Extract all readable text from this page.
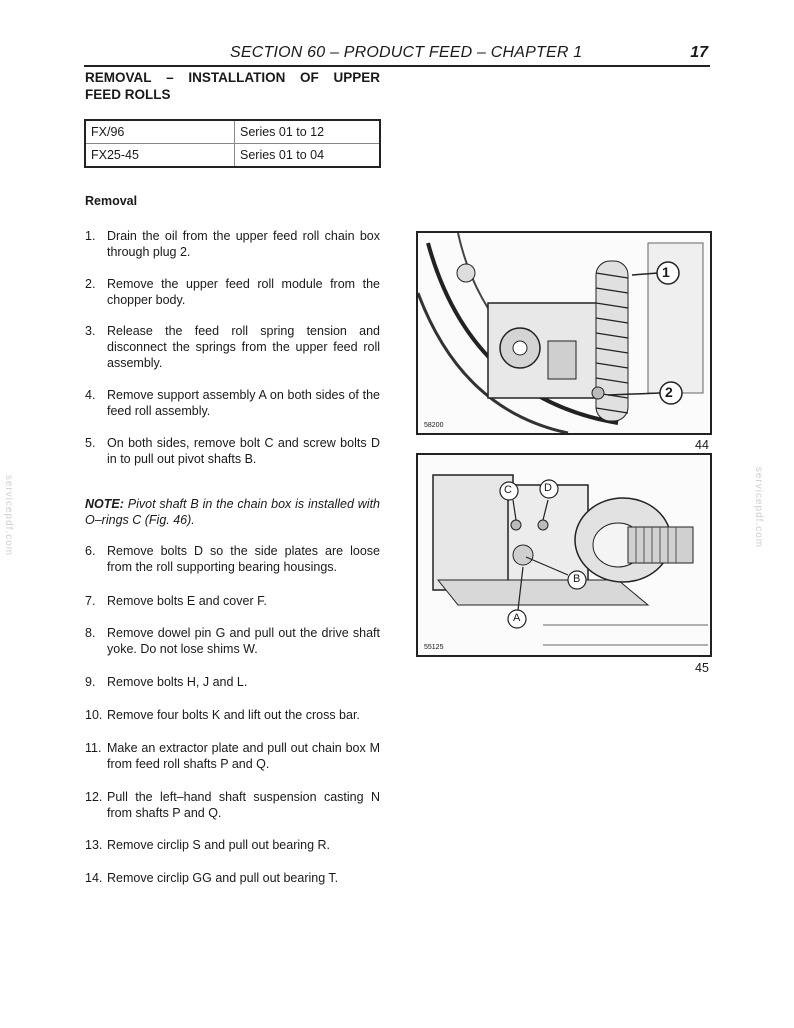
SECTION 60 – PRODUCT FEED – CHAPTER 1	17
REMOVAL – INSTALLATION OF UPPER
FEED ROLLS
FX/96	Series 01 to 12
FX25-45	Series 01 to 04
Removal
1. Drain the oil from the upper feed roll chain box through plug 2.
2. Remove the upper feed roll module from the chopper body.
3. Release the feed roll spring tension and disconnect the springs from the upper feed roll assembly.
4. Remove support assembly A on both sides of the feed roll assembly.
5. On both sides, remove bolt C and screw bolts D in to pull out pivot shafts B.
NOTE: Pivot shaft B in the chain box is installed with O–rings C (Fig. 46).
6. Remove bolts D so the side plates are loose from the roll supporting bearing housings.
7. Remove bolts E and cover F.
8. Remove dowel pin G and pull out the drive shaft yoke. Do not lose shims W.
9. Remove bolts H, J and L.
10. Remove four bolts K and lift out the cross bar.
11. Make an extractor plate and pull out chain box M from feed roll shafts P and Q.
12. Pull the left–hand shaft suspension casting N from shafts P and Q.
13. Remove circlip S and pull out bearing R.
14. Remove circlip GG and pull out bearing T.
1
2
58200
44
C	D
B
A
55125
45
servicepdf.com	servicepdf.com
